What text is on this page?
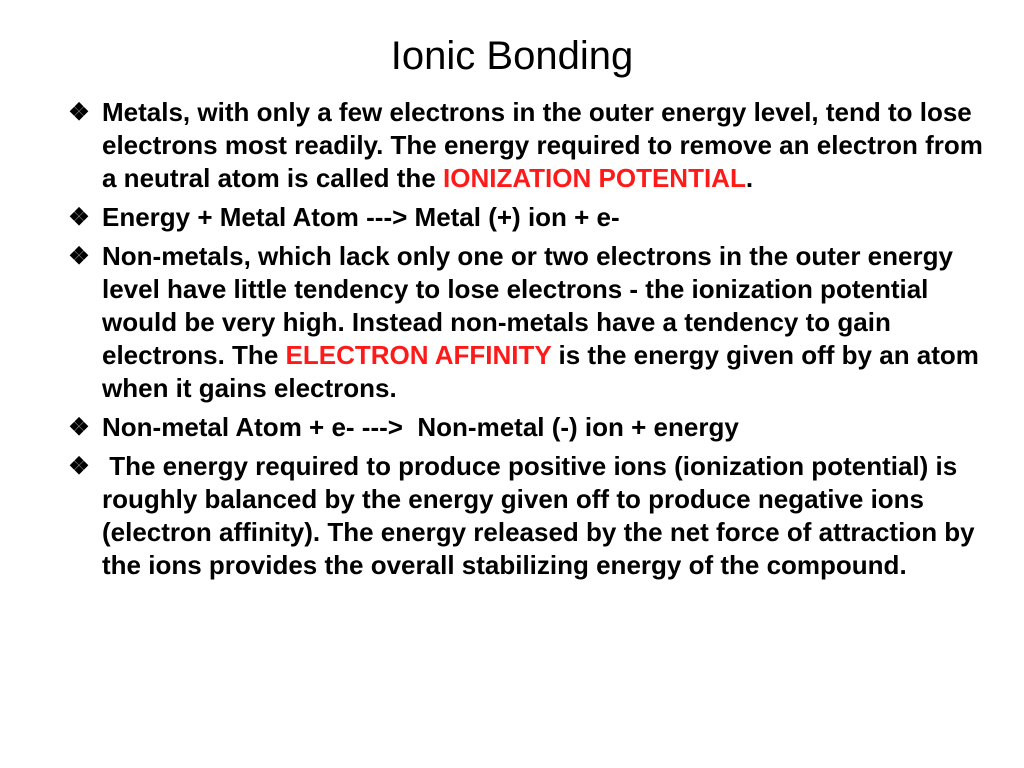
Ionic Bonding
❖ Metals, with only a few electrons in the outer energy level, tend to lose electrons most readily. The energy required to remove an electron from a neutral atom is called the IONIZATION POTENTIAL.
❖ Energy + Metal Atom ---> Metal (+) ion + e-
❖ Non-metals, which lack only one or two electrons in the outer energy level have little tendency to lose electrons - the ionization potential would be very high. Instead non-metals have a tendency to gain electrons. The ELECTRON AFFINITY is the energy given off by an atom when it gains electrons.
❖ Non-metal Atom + e- --->  Non-metal (-) ion + energy
❖ The energy required to produce positive ions (ionization potential) is roughly balanced by the energy given off to produce negative ions (electron affinity). The energy released by the net force of attraction by the ions provides the overall stabilizing energy of the compound.
